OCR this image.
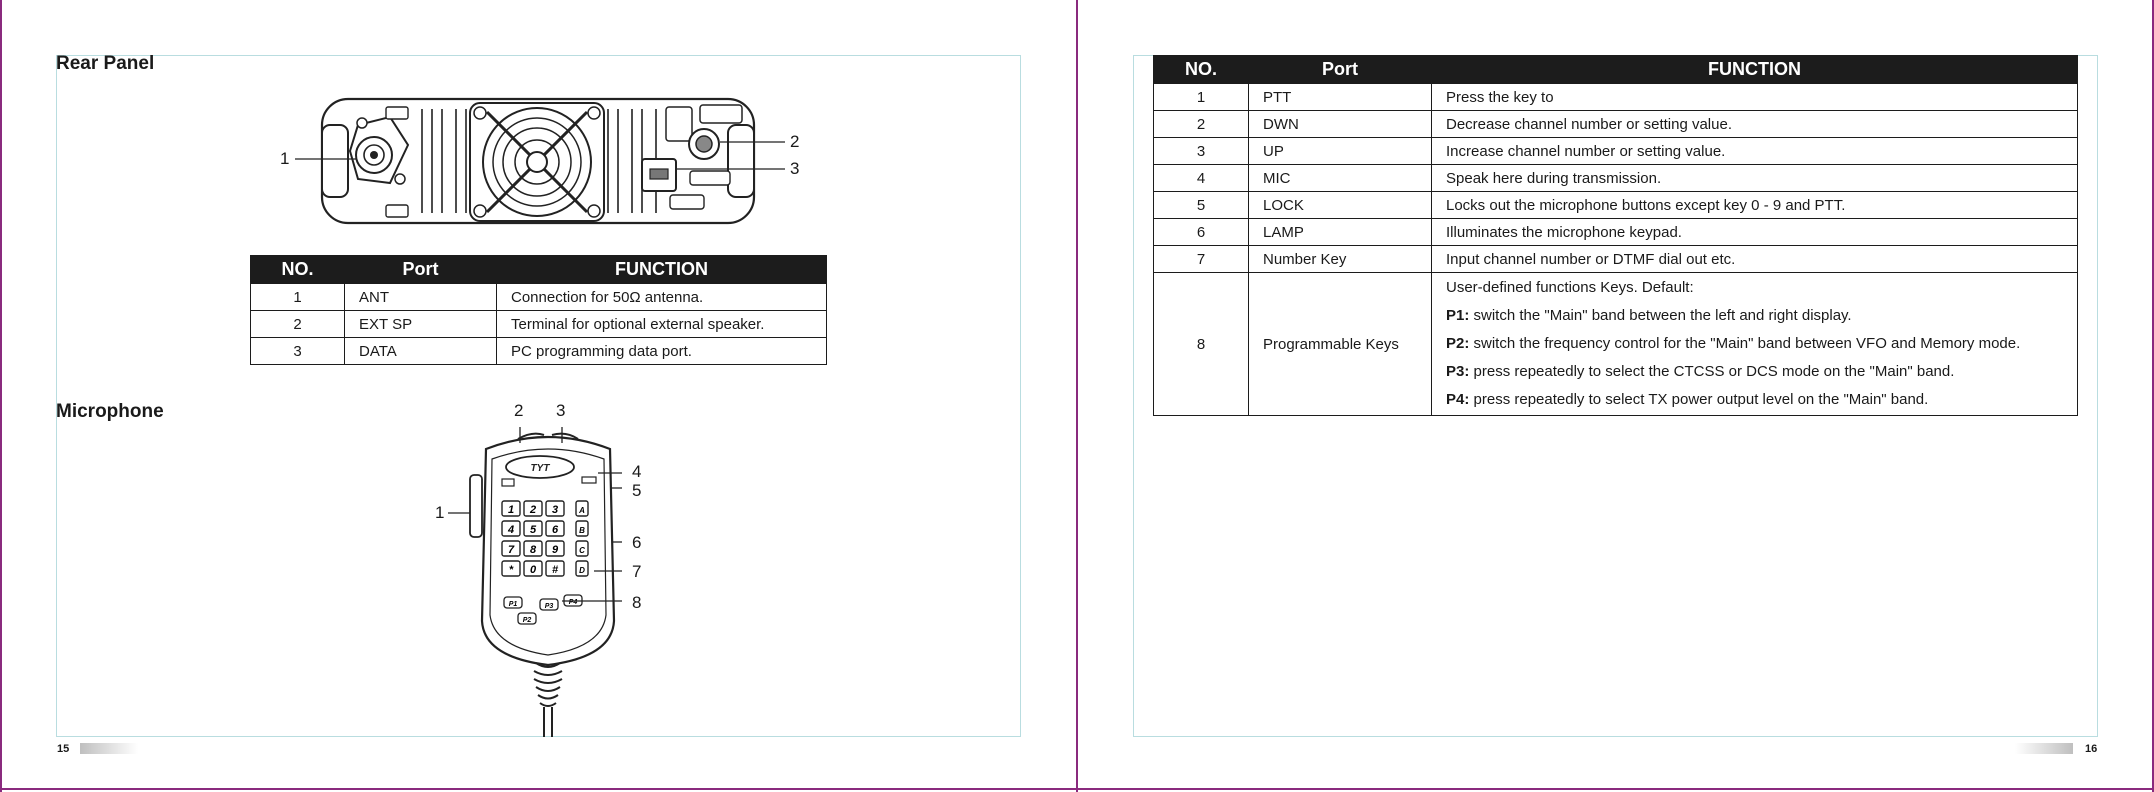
Rear Panel
1
2
3
NO.	Port	FUNCTION
1	ANT	Connection for 50Ω antenna.
2	EXT SP	Terminal for optional external speaker.
3	DATA	PC programming data port.
Microphone
TYT
1 2 3	A
4 5 6	B
7 8 9	C
* 0 #	D
P1
P2
P3
P4
1
2 3
4
5
6
7
8
15
NO.	Port	FUNCTION
1	PTT	Press the key to
2	DWN	Decrease channel number or setting value.
3	UP	Increase channel number or setting value.
4	MIC	Speak here during transmission.
5	LOCK	Locks out the microphone buttons except key 0 - 9 and PTT.
6	LAMP	Illuminates the microphone keypad.
7	Number Key	Input channel number or DTMF dial out etc.
8	Programmable Keys	User-defined functions Keys. Default:
P1: switch the "Main" band between the left and right display.
P2: switch the frequency control for the "Main" band between VFO and Memory mode.
P3: press repeatedly to select the CTCSS or DCS mode on the "Main" band.
P4: press repeatedly to select TX power output level on the "Main" band.
16
